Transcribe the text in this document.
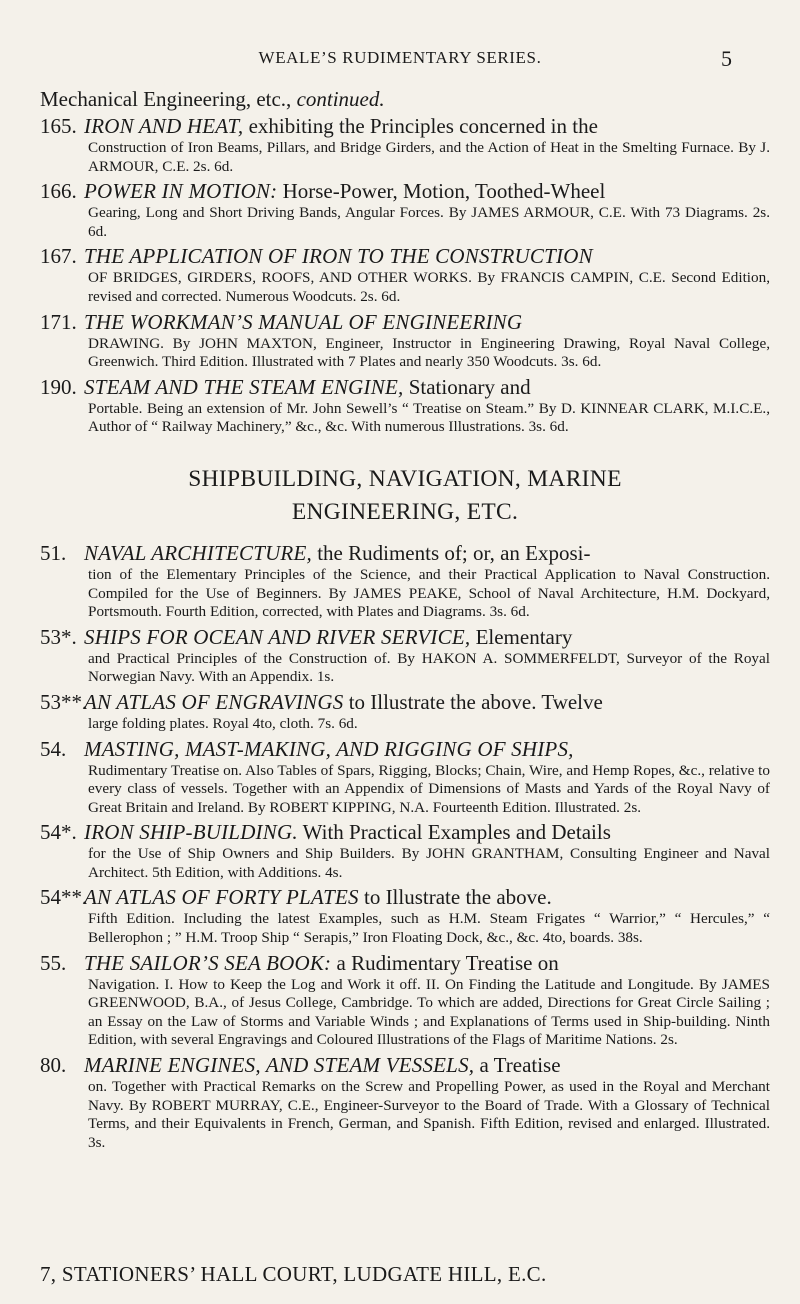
WEALE’S RUDIMENTARY SERIES.	5
Mechanical Engineering, etc., continued.
165. IRON AND HEAT, exhibiting the Principles concerned in the
Construction of Iron Beams, Pillars, and Bridge Girders, and the Action of Heat in the Smelting Furnace. By J. ARMOUR, C.E. 2s. 6d.
166. POWER IN MOTION: Horse-Power, Motion, Toothed-Wheel
Gearing, Long and Short Driving Bands, Angular Forces. By JAMES ARMOUR, C.E. With 73 Diagrams. 2s. 6d.
167. THE APPLICATION OF IRON TO THE CONSTRUCTION
OF BRIDGES, GIRDERS, ROOFS, AND OTHER WORKS. By FRANCIS CAMPIN, C.E. Second Edition, revised and corrected. Numerous Woodcuts. 2s. 6d.
171. THE WORKMAN’S MANUAL OF ENGINEERING
DRAWING. By JOHN MAXTON, Engineer, Instructor in Engineering Drawing, Royal Naval College, Greenwich. Third Edition. Illustrated with 7 Plates and nearly 350 Woodcuts. 3s. 6d.
190. STEAM AND THE STEAM ENGINE, Stationary and
Portable. Being an extension of Mr. John Sewell’s “ Treatise on Steam.” By D. KINNEAR CLARK, M.I.C.E., Author of “ Railway Machinery,” &c., &c. With numerous Illustrations. 3s. 6d.
SHIPBUILDING, NAVIGATION, MARINE
ENGINEERING, ETC.
51. NAVAL ARCHITECTURE, the Rudiments of; or, an Exposi-
tion of the Elementary Principles of the Science, and their Practical Application to Naval Construction. Compiled for the Use of Beginners. By JAMES PEAKE, School of Naval Architecture, H.M. Dockyard, Portsmouth. Fourth Edition, corrected, with Plates and Diagrams. 3s. 6d.
53*. SHIPS FOR OCEAN AND RIVER SERVICE, Elementary
and Practical Principles of the Construction of. By HAKON A. SOMMERFELDT, Surveyor of the Royal Norwegian Navy. With an Appendix. 1s.
53**.
AN ATLAS OF ENGRAVINGS to Illustrate the above. Twelve
large folding plates. Royal 4to, cloth. 7s. 6d.
54. MASTING, MAST-MAKING, AND RIGGING OF SHIPS,
Rudimentary Treatise on. Also Tables of Spars, Rigging, Blocks; Chain, Wire, and Hemp Ropes, &c., relative to every class of vessels. Together with an Appendix of Dimensions of Masts and Yards of the Royal Navy of Great Britain and Ireland. By ROBERT KIPPING, N.A. Fourteenth Edition. Illustrated. 2s.
54*. IRON SHIP-BUILDING. With Practical Examples and Details
for the Use of Ship Owners and Ship Builders. By JOHN GRANTHAM, Consulting Engineer and Naval Architect. 5th Edition, with Additions. 4s.
54**.
AN ATLAS OF FORTY PLATES to Illustrate the above.
Fifth Edition. Including the latest Examples, such as H.M. Steam Frigates “ Warrior,” “ Hercules,” “ Bellerophon ; ” H.M. Troop Ship “ Serapis,” Iron Floating Dock, &c., &c. 4to, boards. 38s.
55. THE SAILOR’S SEA BOOK: a Rudimentary Treatise on
Navigation. I. How to Keep the Log and Work it off. II. On Finding the Latitude and Longitude. By JAMES GREENWOOD, B.A., of Jesus College, Cambridge. To which are added, Directions for Great Circle Sailing ; an Essay on the Law of Storms and Variable Winds ; and Explanations of Terms used in Ship-building. Ninth Edition, with several Engravings and Coloured Illustrations of the Flags of Maritime Nations. 2s.
80. MARINE ENGINES, AND STEAM VESSELS, a Treatise
on. Together with Practical Remarks on the Screw and Propelling Power, as used in the Royal and Merchant Navy. By ROBERT MURRAY, C.E., Engineer-Surveyor to the Board of Trade. With a Glossary of Technical Terms, and their Equivalents in French, German, and Spanish. Fifth Edition, revised and enlarged. Illustrated. 3s.
7, STATIONERS’ HALL COURT, LUDGATE HILL, E.C.
